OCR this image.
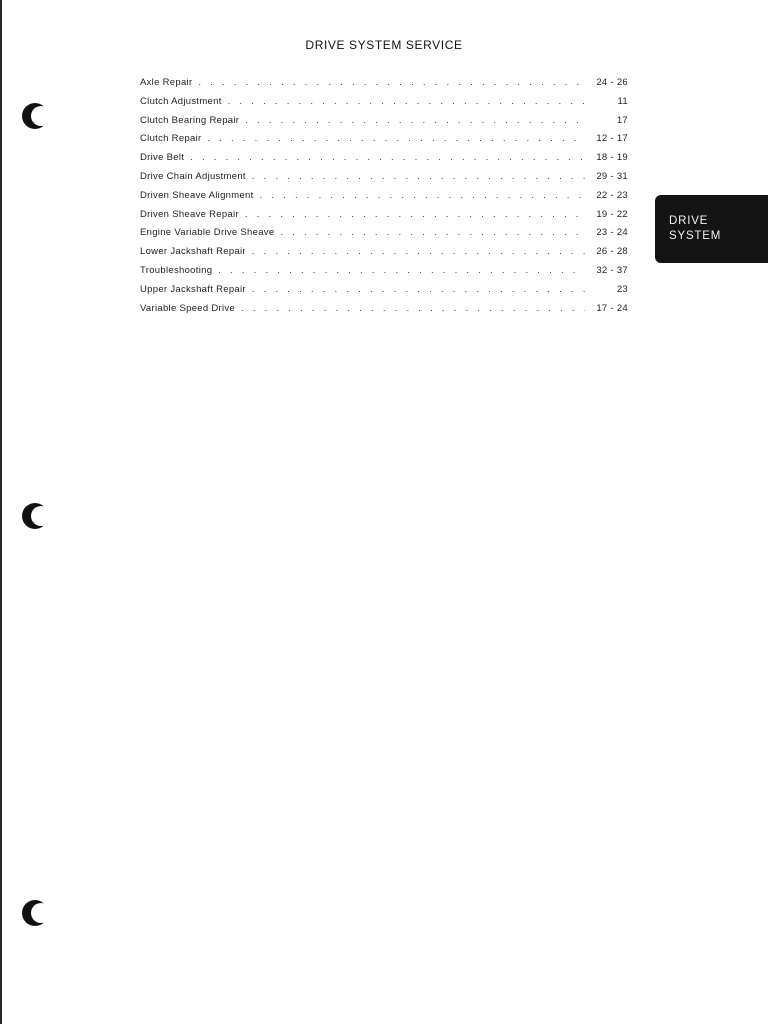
DRIVE SYSTEM SERVICE
Axle Repair . .	24 - 26
Clutch Adjustment . .	11
Clutch Bearing Repair . .	17
Clutch Repair . .	12 - 17
Drive Belt . .	18 - 19
Drive Chain Adjustment . .	29 - 31
Driven Sheave Alignment . .	22 - 23
Driven Sheave Repair . .	19 - 22
Engine Variable Drive Sheave . .	23 - 24
Lower Jackshaft Repair . .	26 - 28
Troubleshooting . .	32 - 37
Upper Jackshaft Repair . .	23
Variable Speed Drive . .	17 - 24
DRIVE
SYSTEM
